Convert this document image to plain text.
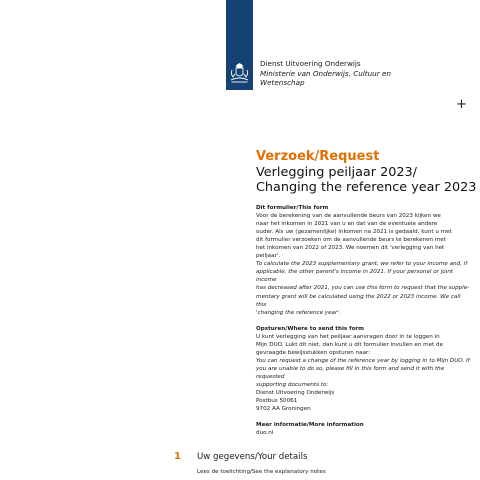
Dienst Uitvoering Onderwijs
Ministerie van Onderwijs, Cultuur en
Wetenschap
+

Verzoek/Request

Verlegging peiljaar 2023/

Changing the reference year 2023

Dit formulier/This form

Voor de berekening van de aanvullende beurs van 2023 kijken we

naar het inkomen in 2021 van u en dat van de eventuele andere

ouder. Als uw (gezamenlijke) inkomen na 2021 is gedaald, kunt u met

dit formulier verzoeken om de aanvullende beurs te berekenen met

het inkomen van 2022 of 2023. We noemen dit 'verlegging van het

peiljaar'.

To calculate the 2023 supplementary grant, we refer to your income and, if

applicable, the other parent's income in 2021. If your personal or joint income

has decreased after 2021, you can use this form to request that the supple-

mentary grant will be calculated using the 2022 or 2023 income. We call this

'changing the reference year'.

Opsturen/Where to send this form

U kunt verlegging van het peiljaar aanvragen door in te loggen in

Mijn DUO. Lukt dit niet, dan kunt u dit formulier invullen en met de

gevraagde bewijsstukken opsturen naar:

You can request a change of the reference year by logging in to Mijn DUO. If

you are unable to do so, please fill in this form and send it with the requested

supporting documents to:

Dienst Uitvoering Onderwijs

Postbus 50061

9702 AA Groningen

Meer informatie/More information

duo.nl

1 Uw gegevens/Your details
Lees de toelichting/See the explanatory notes
